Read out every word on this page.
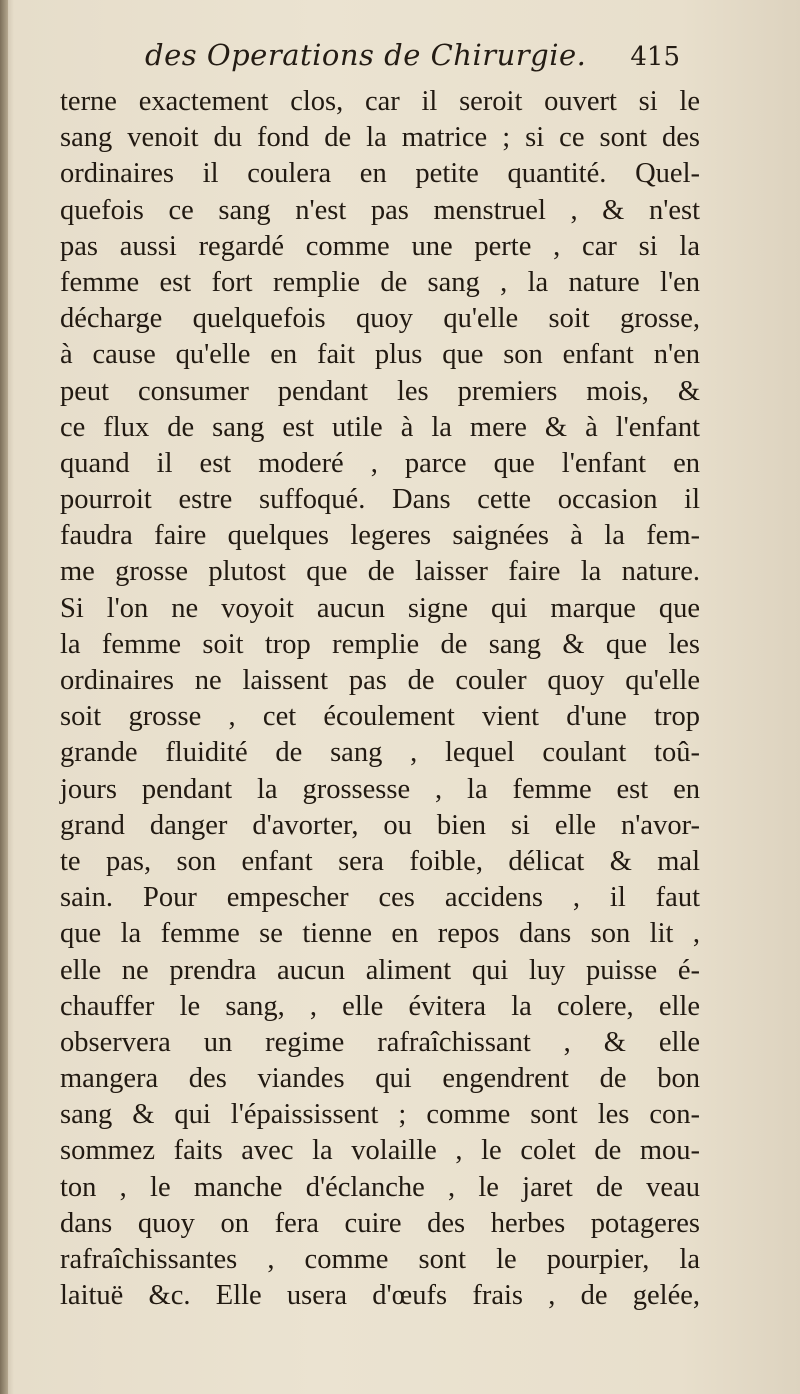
des Operations de Chirurgie. 415
terne exactement clos, car il seroit ouvert si le
sang venoit du fond de la matrice ; si ce sont des
ordinaires il coulera en petite quantité. Quel-
quefois ce sang n'est pas menstruel , & n'est
pas aussi regardé comme une perte , car si la
femme est fort remplie de sang , la nature l'en
décharge quelquefois quoy qu'elle soit grosse,
à cause qu'elle en fait plus que son enfant n'en
peut consumer pendant les premiers mois, &
ce flux de sang est utile à la mere & à l'enfant
quand il est moderé , parce que l'enfant en
pourroit estre suffoqué. Dans cette occasion il
faudra faire quelques legeres saignées à la fem-
me grosse plutost que de laisser faire la nature.
Si l'on ne voyoit aucun signe qui marque que
la femme soit trop remplie de sang & que les
ordinaires ne laissent pas de couler quoy qu'elle
soit grosse , cet écoulement vient d'une trop
grande fluidité de sang , lequel coulant toû-
jours pendant la grossesse , la femme est en
grand danger d'avorter, ou bien si elle n'avor-
te pas, son enfant sera foible, délicat & mal
sain. Pour empescher ces accidens , il faut
que la femme se tienne en repos dans son lit ,
elle ne prendra aucun aliment qui luy puisse é-
chauffer le sang, , elle évitera la colere, elle
observera un regime rafraîchissant , & elle
mangera des viandes qui engendrent de bon
sang & qui l'épaississent ; comme sont les con-
sommez faits avec la volaille , le colet de mou-
ton , le manche d'éclanche , le jaret de veau
dans quoy on fera cuire des herbes potageres
rafraîchissantes , comme sont le pourpier, la
laituë &c. Elle usera d'œufs frais , de gelée,
